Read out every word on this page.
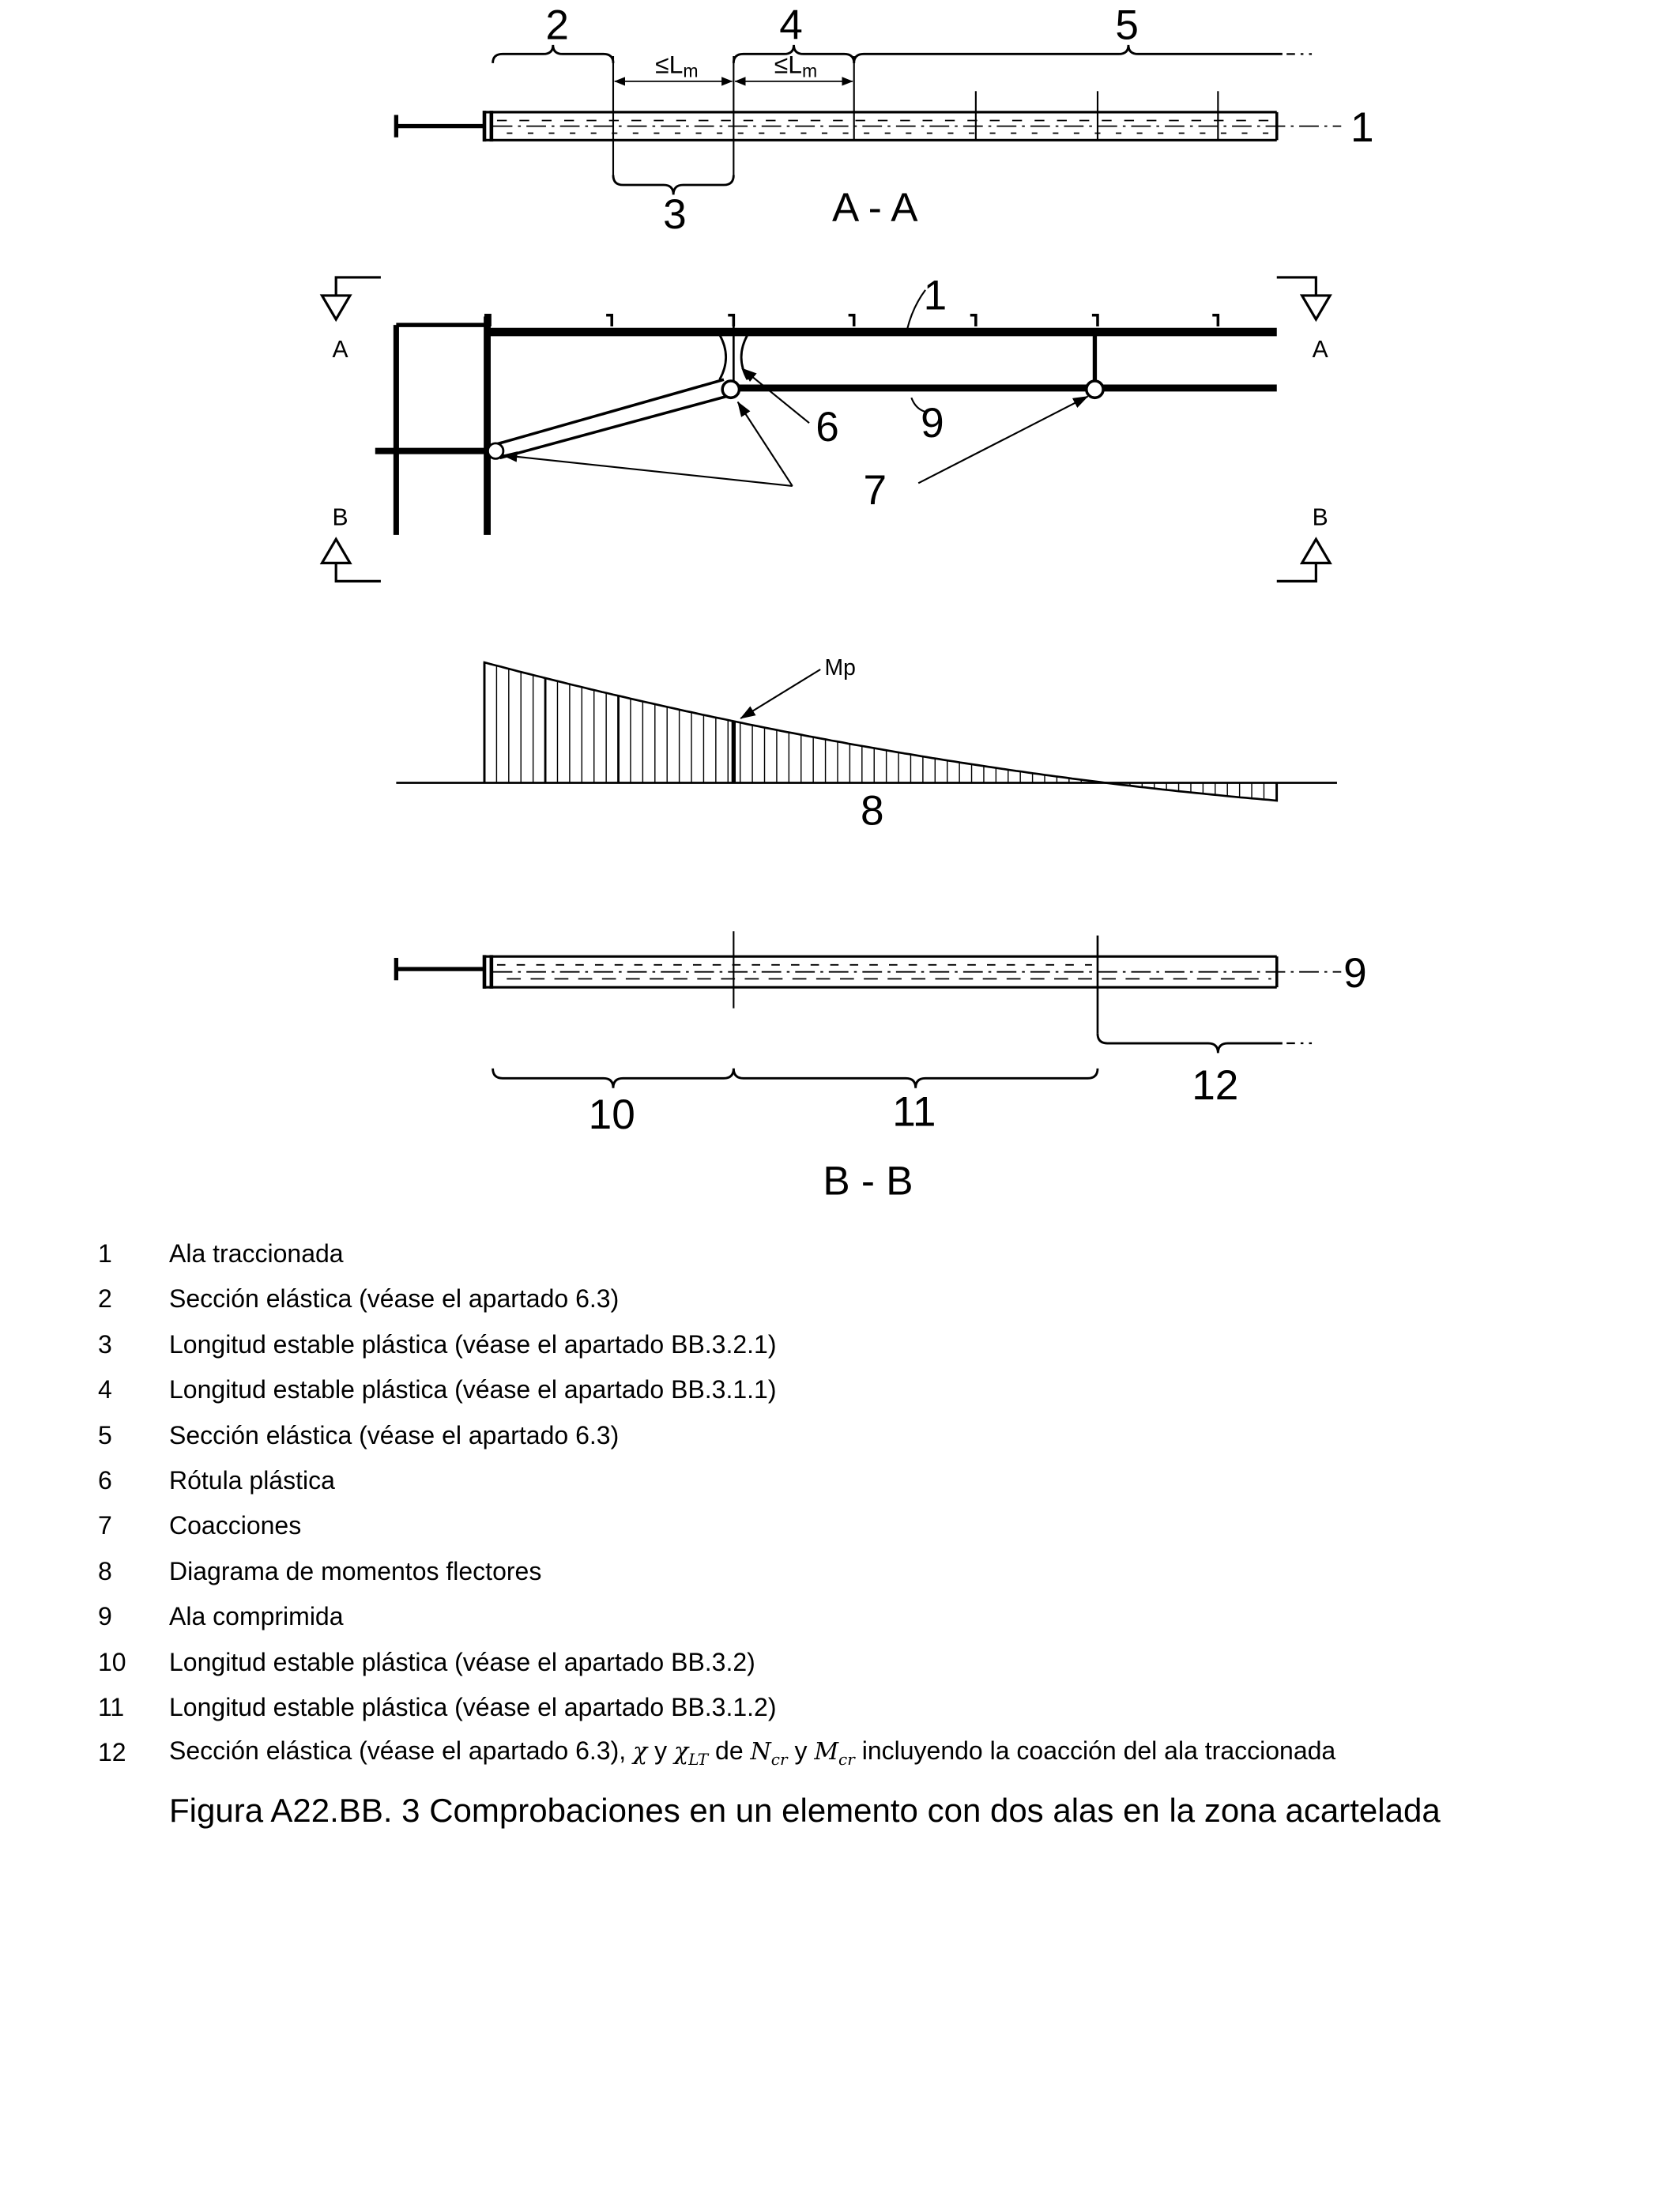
2	4	5
≤Lm	≤Lm
1
3	A - A
A	A
B	B
1
6	9
7
Mp
8
9
12
10	11
B - B
1	Ala traccionada
2	Sección elástica (véase el apartado 6.3)
3	Longitud estable plástica (véase el apartado BB.3.2.1)
4	Longitud estable plástica (véase el apartado BB.3.1.1)
5	Sección elástica (véase el apartado 6.3)
6	Rótula plástica
7	Coacciones
8	Diagrama de momentos flectores
9	Ala comprimida
10	Longitud estable plástica (véase el apartado BB.3.2)
11	Longitud estable plástica (véase el apartado BB.3.1.2)
12	Sección elástica (véase el apartado 6.3), χ y $\chi_{LT}$ de $N_{cr}$ y $M_{cr}$ incluyendo la coacción del ala traccionada
Figura A22.BB. 3 Comprobaciones en un elemento con dos alas en la zona acartelada
